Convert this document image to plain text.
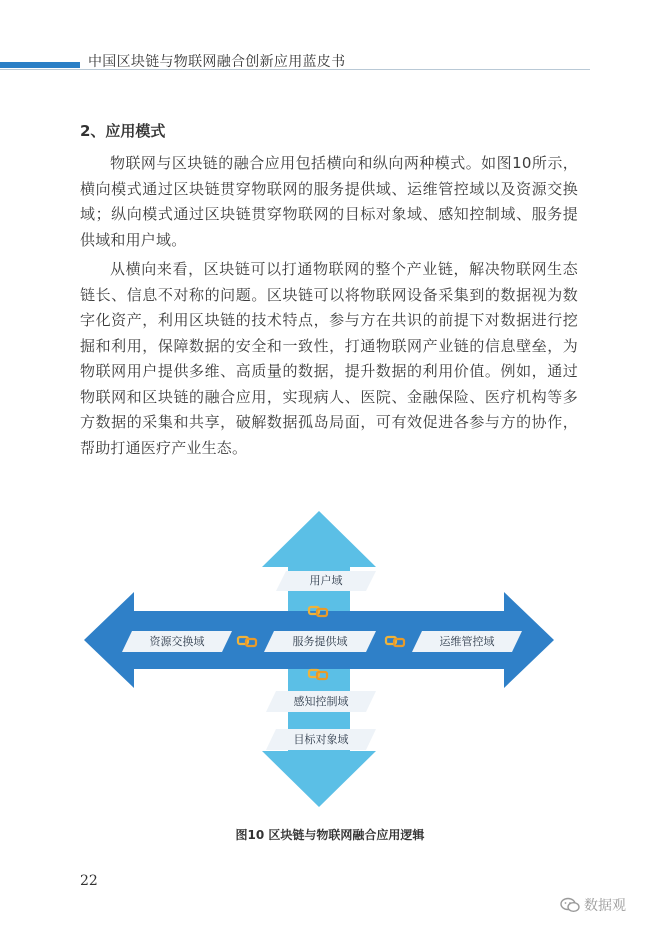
中国区块链与物联网融合创新应用蓝皮书
2、应用模式

物联网与区块链的融合应用包括横向和纵向两种模式。如图10所示，横向模式通过区块链贯穿物联网的服务提供域、运维管控域以及资源交换域；纵向模式通过区块链贯穿物联网的目标对象域、感知控制域、服务提供域和用户域。

从横向来看，区块链可以打通物联网的整个产业链，解决物联网生态链长、信息不对称的问题。区块链可以将物联网设备采集到的数据视为数字化资产，利用区块链的技术特点，参与方在共识的前提下对数据进行挖掘和利用，保障数据的安全和一致性，打通物联网产业链的信息壁垒，为物联网用户提供多维、高质量的数据，提升数据的利用价值。例如，通过物联网和区块链的融合应用，实现病人、医院、金融保险、医疗机构等多方数据的采集和共享，破解数据孤岛局面，可有效促进各参与方的协作，帮助打通医疗产业生态。

用户域
资源交换域	服务提供域	运维管控域
感知控制域
目标对象域
图10 区块链与物联网融合应用逻辑
22
数据观
